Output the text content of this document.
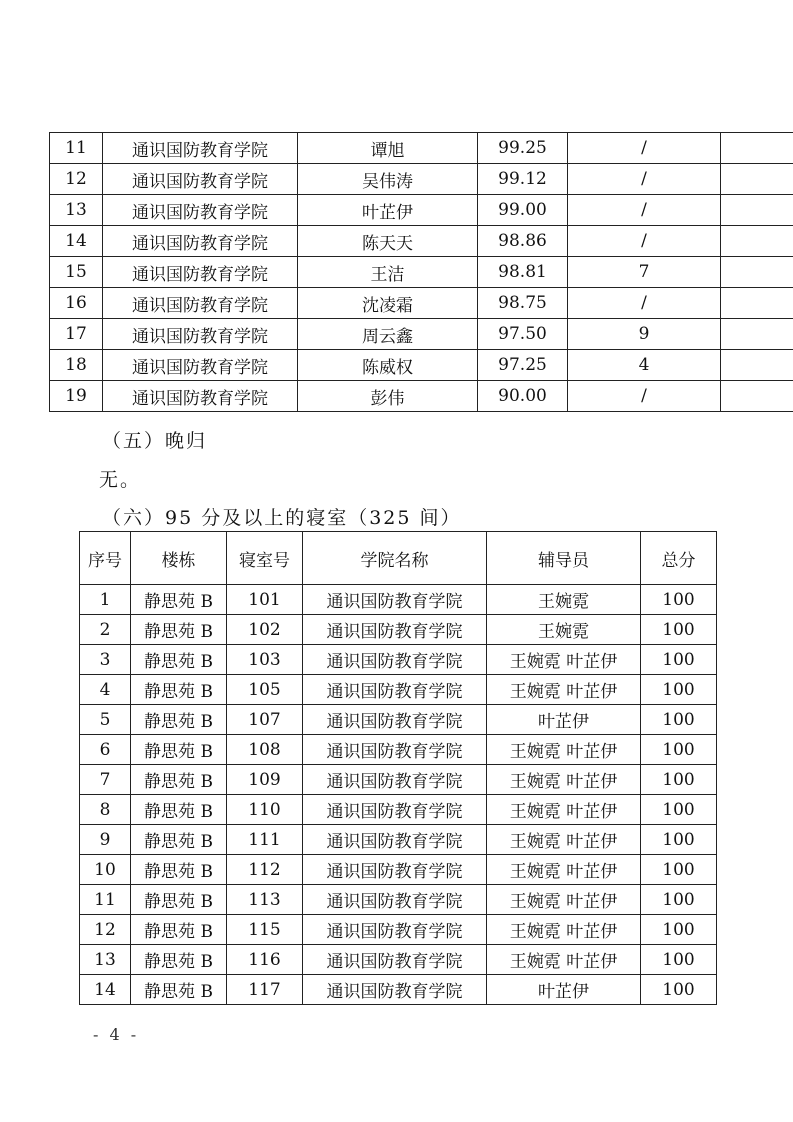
11	通识国防教育学院	谭旭	99.25	/	
12	通识国防教育学院	吴伟涛	99.12	/	
13	通识国防教育学院	叶芷伊	99.00	/	
14	通识国防教育学院	陈天天	98.86	/	
15	通识国防教育学院	王洁	98.81	7	
16	通识国防教育学院	沈凌霜	98.75	/	
17	通识国防教育学院	周云鑫	97.50	9	
18	通识国防教育学院	陈威权	97.25	4	
19	通识国防教育学院	彭伟	90.00	/	
（五）晚归
无。
（六）95 分及以上的寝室（325 间）
序号	楼栋	寝室号	学院名称	辅导员	总分
1	静思苑 B	101	通识国防教育学院	王婉霓	100
2	静思苑 B	102	通识国防教育学院	王婉霓	100
3	静思苑 B	103	通识国防教育学院	王婉霓 叶芷伊	100
4	静思苑 B	105	通识国防教育学院	王婉霓 叶芷伊	100
5	静思苑 B	107	通识国防教育学院	叶芷伊	100
6	静思苑 B	108	通识国防教育学院	王婉霓 叶芷伊	100
7	静思苑 B	109	通识国防教育学院	王婉霓 叶芷伊	100
8	静思苑 B	110	通识国防教育学院	王婉霓 叶芷伊	100
9	静思苑 B	111	通识国防教育学院	王婉霓 叶芷伊	100
10	静思苑 B	112	通识国防教育学院	王婉霓 叶芷伊	100
11	静思苑 B	113	通识国防教育学院	王婉霓 叶芷伊	100
12	静思苑 B	115	通识国防教育学院	王婉霓 叶芷伊	100
13	静思苑 B	116	通识国防教育学院	王婉霓 叶芷伊	100
14	静思苑 B	117	通识国防教育学院	叶芷伊	100
- 4 -
